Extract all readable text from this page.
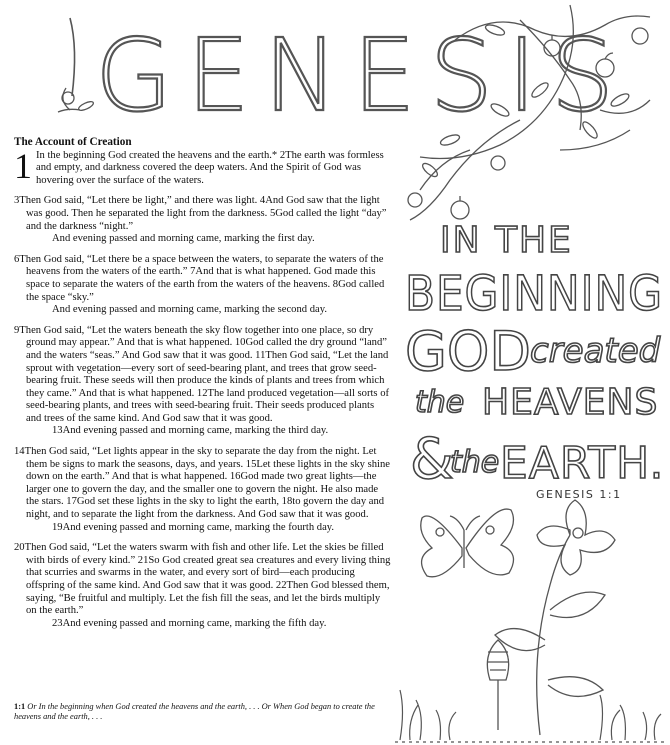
GENESIS
IN THE
BEGINNING
GOD created
the HEAVENS
&
the EARTH.
GENESIS 1:1
The Account of Creation
1 In the beginning God created the heavens and the earth.* 2The earth was formless and empty, and darkness covered the deep waters. And the Spirit of God was hovering over the surface of the waters.
3Then God said, “Let there be light,” and there was light. 4And God saw that the light was good. Then he separated the light from the darkness. 5God called the light “day” and the darkness “night.”
And evening passed and morning came, marking the first day.
6Then God said, “Let there be a space between the waters, to separate the waters of the heavens from the waters of the earth.” 7And that is what happened. God made this space to separate the waters of the earth from the waters of the heavens. 8God called the space “sky.”
And evening passed and morning came, marking the second day.
9Then God said, “Let the waters beneath the sky flow together into one place, so dry ground may appear.” And that is what happened. 10God called the dry ground “land” and the waters “seas.” And God saw that it was good. 11Then God said, “Let the land sprout with vegetation—every sort of seed-bearing plant, and trees that grow seed-bearing fruit. These seeds will then produce the kinds of plants and trees from which they came.” And that is what happened. 12The land produced vegetation—all sorts of seed-bearing plants, and trees with seed-bearing fruit. Their seeds produced plants and trees of the same kind. And God saw that it was good.
13And evening passed and morning came, marking the third day.
14Then God said, “Let lights appear in the sky to separate the day from the night. Let them be signs to mark the seasons, days, and years. 15Let these lights in the sky shine down on the earth.” And that is what happened. 16God made two great lights—the larger one to govern the day, and the smaller one to govern the night. He also made the stars. 17God set these lights in the sky to light the earth, 18to govern the day and night, and to separate the light from the darkness. And God saw that it was good.
19And evening passed and morning came, marking the fourth day.
20Then God said, “Let the waters swarm with fish and other life. Let the skies be filled with birds of every kind.” 21So God created great sea creatures and every living thing that scurries and swarms in the water, and every sort of bird—each producing offspring of the same kind. And God saw that it was good. 22Then God blessed them, saying, “Be fruitful and multiply. Let the fish fill the seas, and let the birds multiply on the earth.”
23And evening passed and morning came, marking the fifth day.
1:1 Or In the beginning when God created the heavens and the earth, . . . Or When God began to create the heavens and the earth, . . .
